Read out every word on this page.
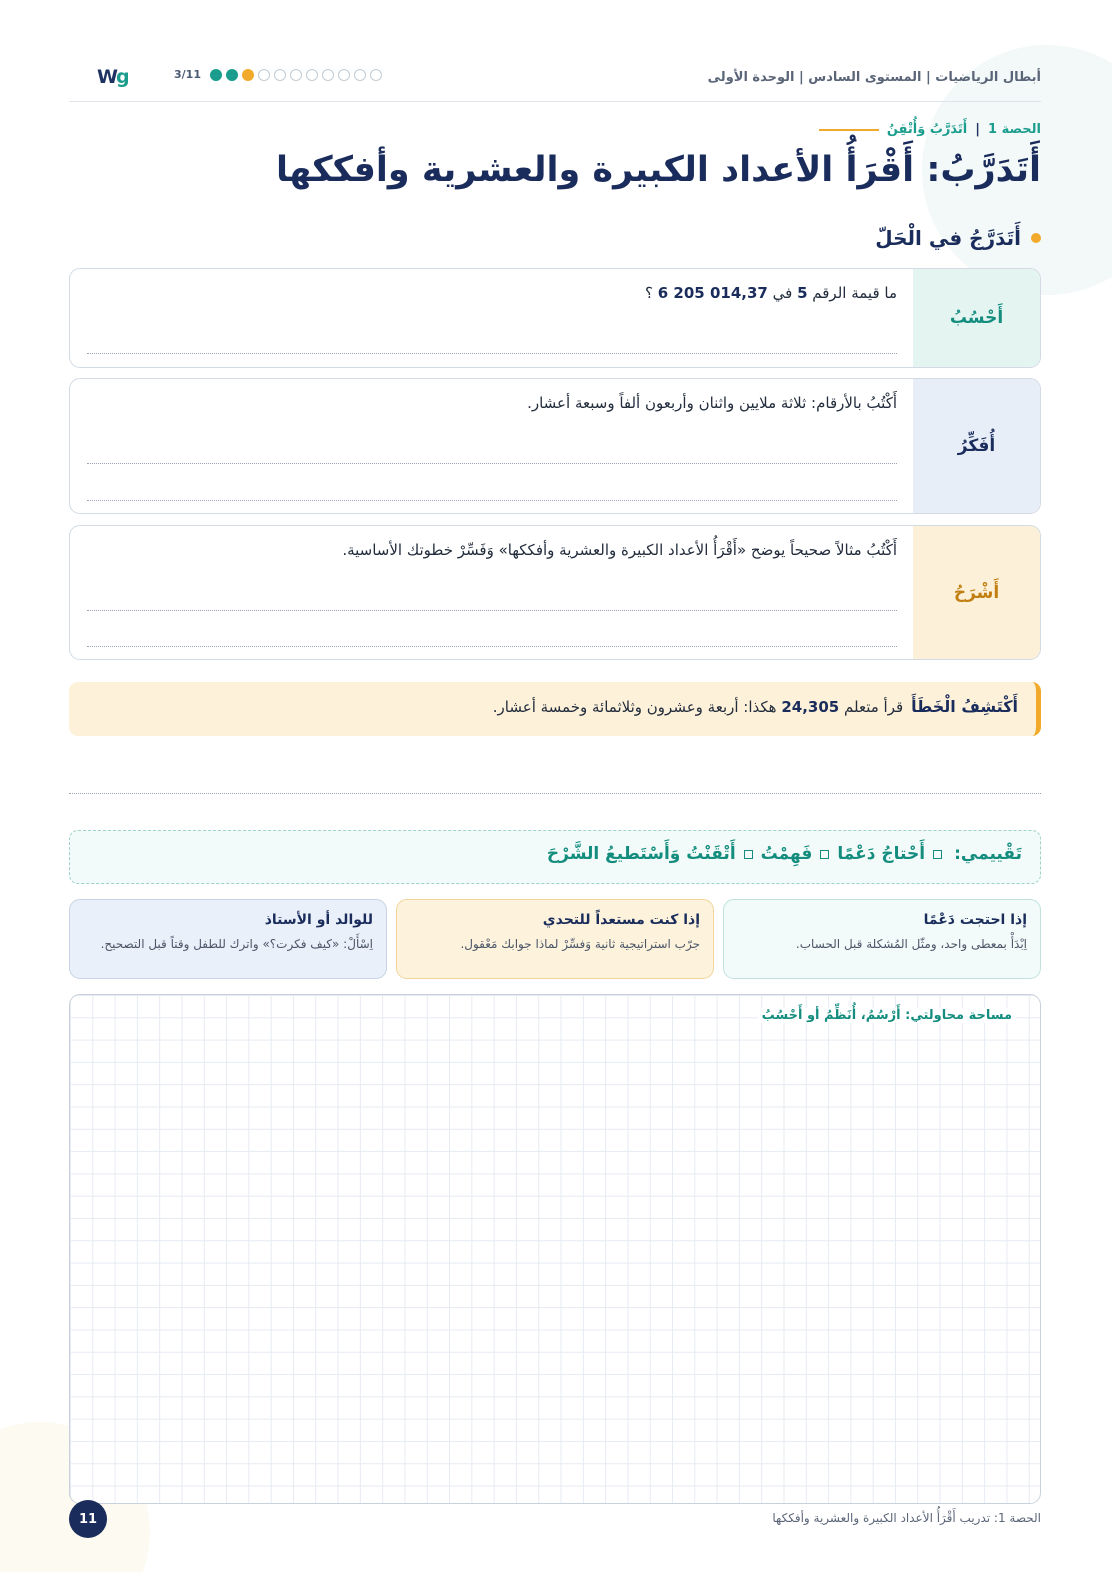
Wg	3/11	أبطال الرياضيات | المستوى السادس | الوحدة الأولى
الحصة 1
|
أَتَدَرَّبُ وَأُتْقِنُ
أَتَدَرَّبُ: أَقْرَأُ الأعداد الكبيرة والعشرية وأفككها
أَتَدَرَّجُ في الْحَلّ
أَحْسُبُ
ما قيمة الرقم 5 في 6 205 014,37 ؟
أُفَكِّرُ
أَكْتُبُ بالأرقام: ثلاثة ملايين واثنان وأربعون ألفاً وسبعة أعشار.
أَشْرَحُ
أَكْتُبُ مثالاً صحيحاً يوضح «أَقْرَأُ الأعداد الكبيرة والعشرية وأفككها» وَفَسِّرْ خطوتك الأساسية.
أَكْتَشِفُ الْخَطَأَقرأ متعلم 24,305 هكذا: أربعة وعشرون وثلاثمائة وخمسة أعشار.
تَقْييمي:
أَحْتاجُ دَعْمًا
فَهِمْتُ
أَتْقَنْتُ وَأَسْتَطيعُ الشَّرْحَ
إذا احتجت دَعْمًا
اِبْدَأْ بمعطى واحد، ومثّل المُشكلة قبل الحساب.
إذا كنت مستعداً للتحدي
جرّب استراتيجية ثانية وَفسِّرْ لماذا جوابك مَعْقول.
للوالد أو الأستاذ
اِسْأَلْ: «كيف فكرت؟» واترك للطفل وقتاً قبل التصحيح.
مساحة محاولتي: أَرْسُمُ، أُنَظِّمُ أو أَحْسُبُ
11	الحصة 1: تدريب أَقْرَأُ الأعداد الكبيرة والعشرية وأفككها
